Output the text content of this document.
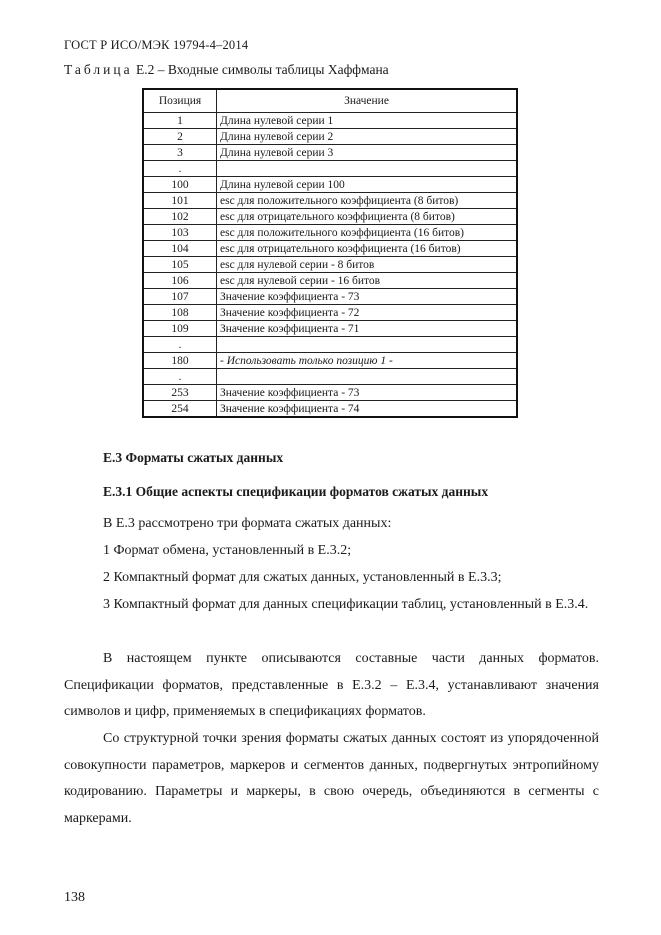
ГОСТ Р ИСО/МЭК 19794-4–2014
Таблица Е.2 – Входные символы таблицы Хаффмана
Позиция	Значение
1	Длина нулевой серии 1
2	Длина нулевой серии 2
3	Длина нулевой серии 3
.	
100	Длина нулевой серии 100
101	esc для положительного коэффициента (8 битов)
102	esc для отрицательного коэффициента (8 битов)
103	esc для положительного коэффициента (16 битов)
104	esc для отрицательного коэффициента (16 битов)
105	esc для нулевой серии - 8 битов
106	esc для нулевой серии - 16 битов
107	Значение коэффициента - 73
108	Значение коэффициента - 72
109	Значение коэффициента - 71
.	
180	- Использовать только позицию 1 -
.	
253	Значение коэффициента - 73
254	Значение коэффициента - 74
Е.3 Форматы сжатых данных
Е.3.1 Общие аспекты спецификации форматов сжатых данных
В Е.3 рассмотрено три формата сжатых данных:
1 Формат обмена, установленный в Е.3.2;
2 Компактный формат для сжатых данных, установленный в Е.3.3;
3 Компактный формат для данных спецификации таблиц, установленный в Е.3.4.
В настоящем пункте описываются составные части данных форматов. Спецификации форматов, представленные в Е.3.2 – Е.3.4, устанавливают значения символов и цифр, применяемых в спецификациях форматов.
Со структурной точки зрения форматы сжатых данных состоят из упорядоченной совокупности параметров, маркеров и сегментов данных, подвергнутых энтропийному кодированию. Параметры и маркеры, в свою очередь, объединяются в сегменты с маркерами.
138
